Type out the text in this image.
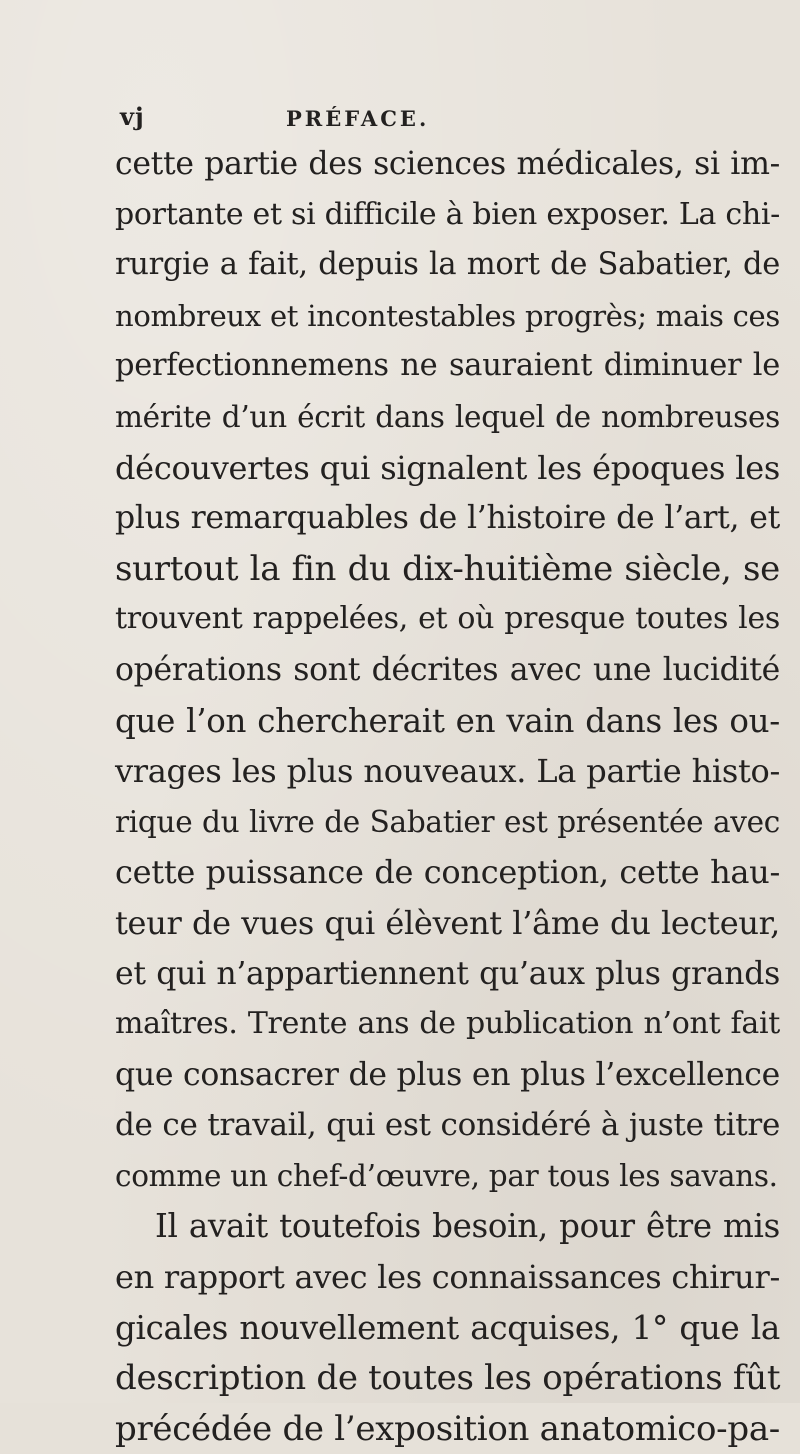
vj	PRÉFACE.
cette partie des sciences médicales, si im-
portante et si difficile à bien exposer. La chi-
rurgie a fait, depuis la mort de Sabatier, de
nombreux et incontestables progrès; mais ces
perfectionnemens ne sauraient diminuer le
mérite d’un écrit dans lequel de nombreuses
découvertes qui signalent les époques les
plus remarquables de l’histoire de l’art, et
surtout la fin du dix-huitième siècle, se
trouvent rappelées, et où presque toutes les
opérations sont décrites avec une lucidité
que l’on chercherait en vain dans les ou-
vrages les plus nouveaux. La partie histo-
rique du livre de Sabatier est présentée avec
cette puissance de conception, cette hau-
teur de vues qui élèvent l’âme du lecteur,
et qui n’appartiennent qu’aux plus grands
maîtres. Trente ans de publication n’ont fait
que consacrer de plus en plus l’excellence
de ce travail, qui est considéré à juste titre
comme un chef-d’œuvre, par tous les savans.
Il avait toutefois besoin, pour être mis
en rapport avec les connaissances chirur-
gicales nouvellement acquises, 1° que la
description de toutes les opérations fût
précédée de l’exposition anatomico-pa-
